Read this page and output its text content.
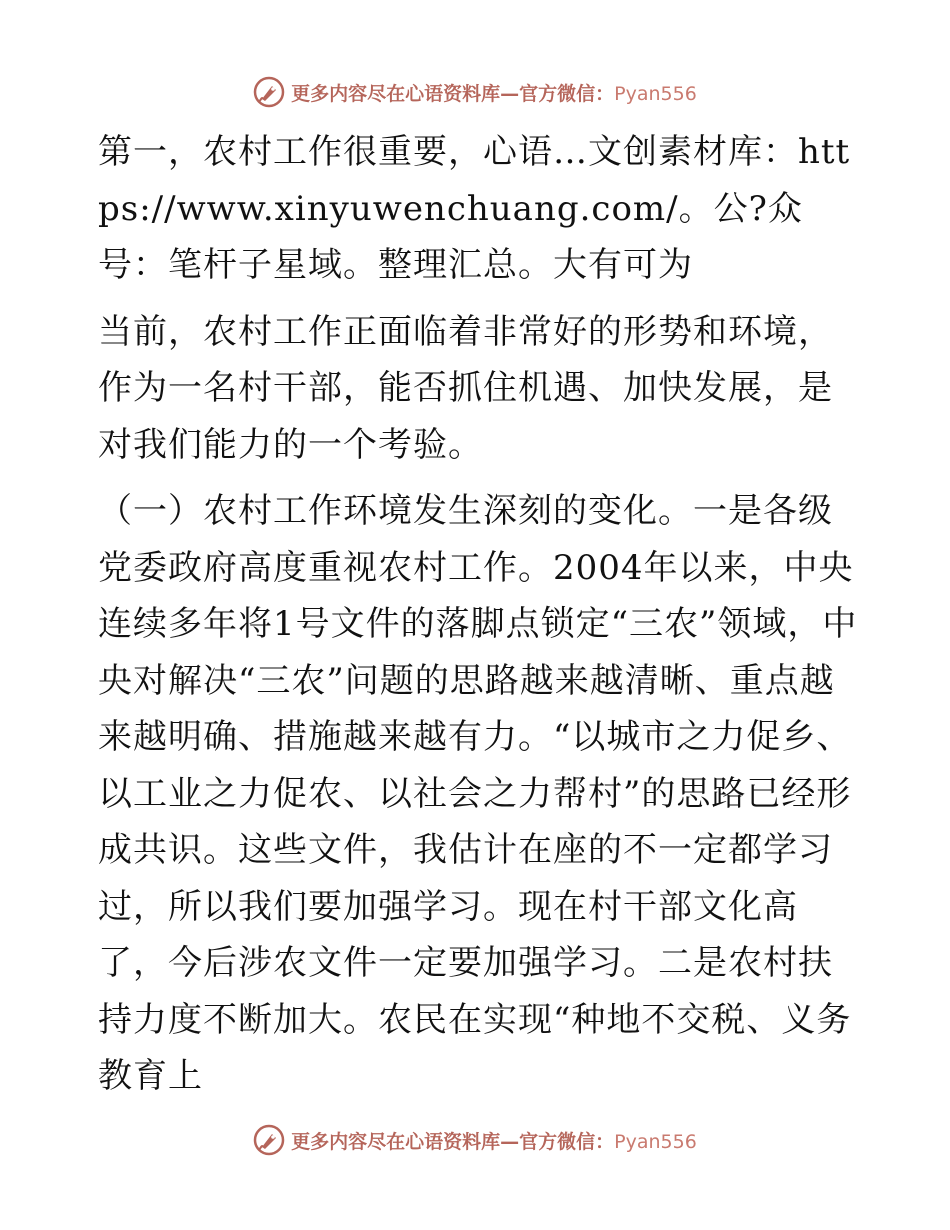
更多内容尽在心语资料库—官方微信：Pyan556

第一，农村工作很重要，心语…文创素材库：https://www.xinyuwenchuang.com/。公?众号：笔杆子星域。整理汇总。大有可为

当前，农村工作正面临着非常好的形势和环境，作为一名村干部，能否抓住机遇、加快发展，是对我们能力的一个考验。

（一）农村工作环境发生深刻的变化。一是各级党委政府高度重视农村工作。2004年以来，中央连续多年将1号文件的落脚点锁定“三农”领域，中央对解决“三农”问题的思路越来越清晰、重点越来越明确、措施越来越有力。“以城市之力促乡、以工业之力促农、以社会之力帮村”的思路已经形成共识。这些文件，我估计在座的不一定都学习过，所以我们要加强学习。现在村干部文化高了，今后涉农文件一定要加强学习。二是农村扶持力度不断加大。农民在实现“种地不交税、义务教育上

更多内容尽在心语资料库—官方微信：Pyan556
